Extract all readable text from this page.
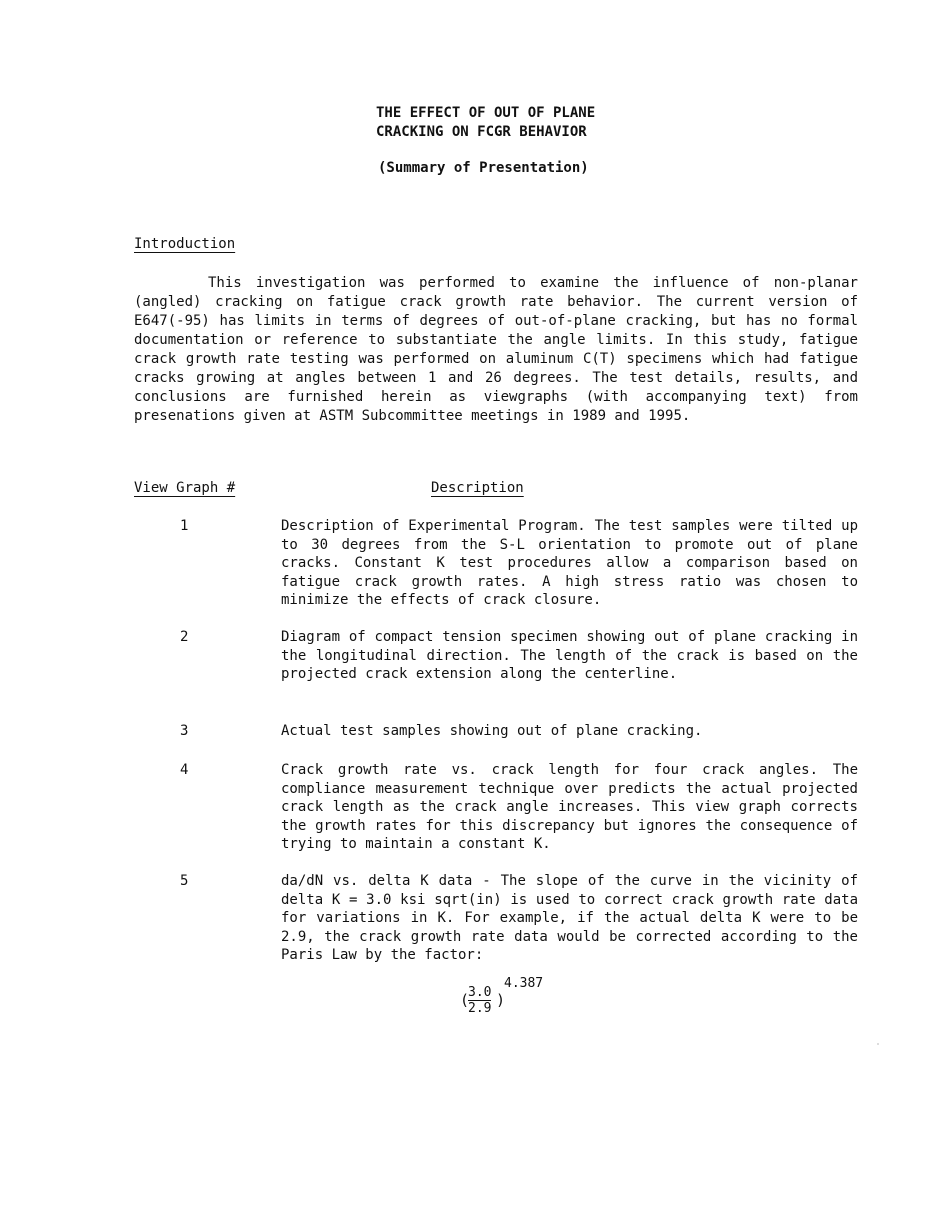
THE EFFECT OF OUT OF PLANE
CRACKING ON FCGR BEHAVIOR
(Summary of Presentation)
Introduction

This investigation was performed to examine the influence of non-planar (angled) cracking on fatigue crack growth rate behavior. The current version of E647(-95) has limits in terms of degrees of out-of-plane cracking, but has no formal documentation or reference to substantiate the angle limits. In this study, fatigue crack growth rate testing was performed on aluminum C(T) specimens which had fatigue cracks growing at angles between 1 and 26 degrees. The test details, results, and conclusions are furnished herein as viewgraphs (with accompanying text) from presenations given at ASTM Subcommittee meetings in 1989 and 1995.

View Graph #	Description
1	Description of Experimental Program. The test samples were tilted up to 30 degrees from the S-L orientation to promote out of plane cracks. Constant K test procedures allow a comparison based on fatigue crack growth rates. A high stress ratio was chosen to minimize the effects of crack closure.

2	Diagram of compact tension specimen showing out of plane cracking in the longitudinal direction. The length of the crack is based on the projected crack extension along the centerline.

3	Actual test samples showing out of plane cracking.

4	Crack growth rate vs. crack length for four crack angles. The compliance measurement technique over predicts the actual projected crack length as the crack angle increases. This view graph corrects the growth rates for this discrepancy but ignores the consequence of trying to maintain a constant K.

5	da/dN vs. delta K data - The slope of the curve in the vicinity of delta K = 3.0 ksi sqrt(in) is used to correct crack growth rate data for variations in K. For example, if the actual delta K were to be 2.9, the crack growth rate data would be corrected according to the Paris Law by the factor:

(
3.0
2.9 )
4.387
